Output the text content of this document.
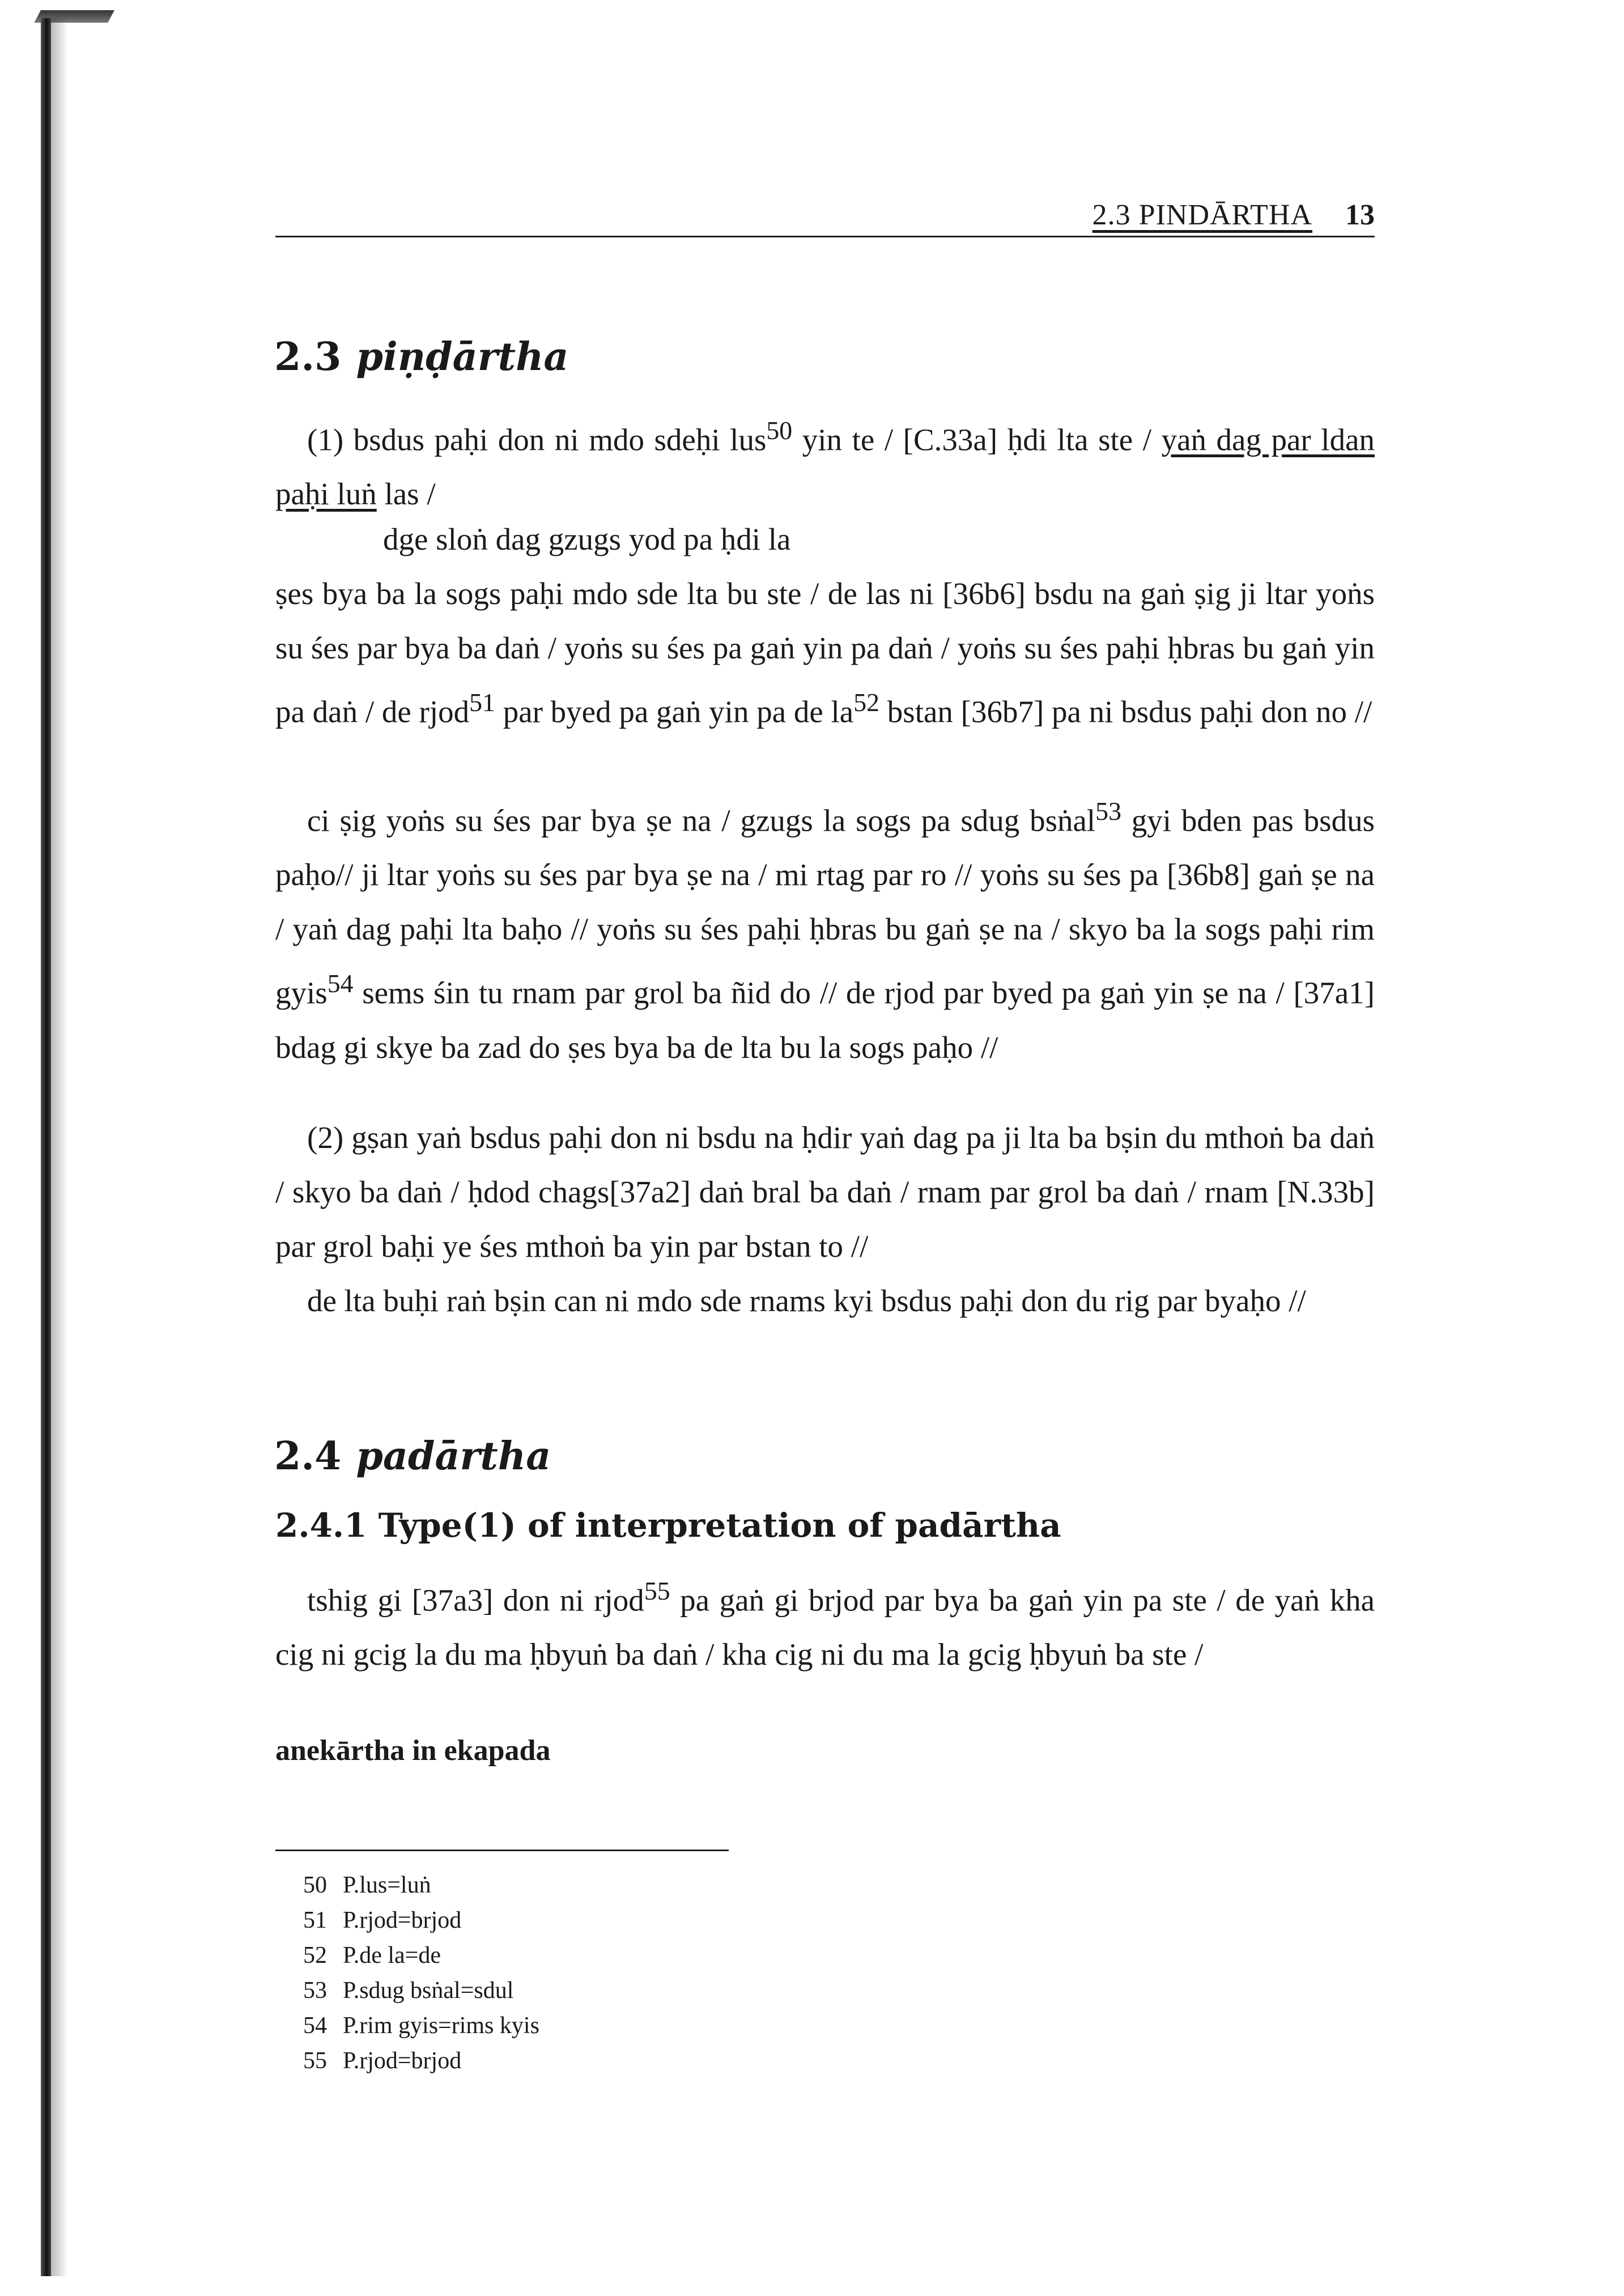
2.3 PINDĀRTHA 13
2.3 piṇḍārtha

(1) bsdus paḥi don ni mdo sdeḥi lus$^{50}$ yin te / [C.33a] ḥdi lta ste / yaṅ dag par ldan paḥi luṅ las /

dge sloṅ dag gzugs yod pa ḥdi la

ṣes bya ba la sogs paḥi mdo sde lta bu ste / de las ni [36b6] bsdu na gaṅ ṣig ji ltar yoṅs su śes par bya ba daṅ / yoṅs su śes pa gaṅ yin pa daṅ / yoṅs su śes paḥi ḥbras bu gaṅ yin pa daṅ / de rjod$^{51}$ par byed pa gaṅ yin pa de $la^{52}$ bstan [36b7] pa ni bsdus paḥi don no //

ci ṣig yoṅs su śes par bya ṣe na / gzugs la sogs pa sdug bsṅal$^{53}$ gyi bden pas bsdus paḥo// ji ltar yoṅs su śes par bya ṣe na / mi rtag par ro // yoṅs su śes pa [36b8] gaṅ ṣe na / yaṅ dag paḥi lta baḥo // yoṅs su śes paḥi ḥbras bu gaṅ ṣe na / skyo ba la sogs paḥi rim gyis$^{54}$ sems śin tu rnam par grol ba ñid do // de rjod par byed pa gaṅ yin ṣe na / [37a1] bdag gi skye ba zad do ṣes bya ba de lta bu la sogs paḥo //

(2) gṣan yaṅ bsdus paḥi don ni bsdu na ḥdir yaṅ dag pa ji lta ba bṣin du mthoṅ ba daṅ / skyo ba daṅ / ḥdod chags[37a2] daṅ bral ba daṅ / rnam par grol ba daṅ / rnam [N.33b] par grol baḥi ye śes mthoṅ ba yin par bstan to //

de lta buḥi raṅ bṣin can ni mdo sde rnams kyi bsdus paḥi don du rig par byaḥo //

2.4 padārtha
2.4.1 Type(1) of interpretation of padārtha

tshig gi [37a3] don ni rjod$^{55}$ pa gaṅ gi brjod par bya ba gaṅ yin pa ste / de yaṅ kha cig ni gcig la du ma ḥbyuṅ ba daṅ / kha cig ni du ma la gcig ḥbyuṅ ba ste /

anekārtha in ekapada
50 P.lus=luṅ
51 P.rjod=brjod
52 P.de la=de
53 P.sdug bsṅal=sdul
54 P.rim gyis=rims kyis
55 P.rjod=brjod
